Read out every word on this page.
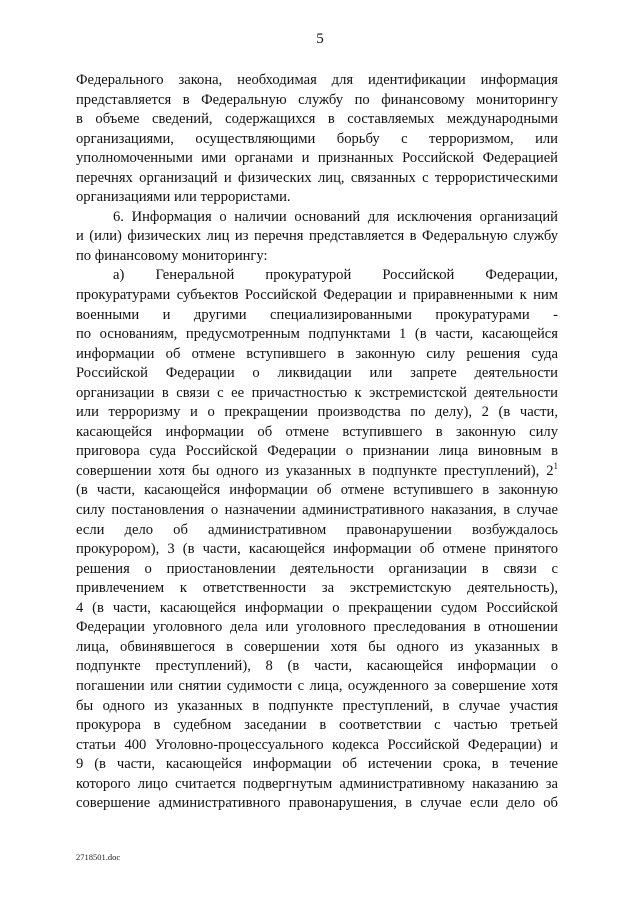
5

Федерального закона, необходимая для идентификации информация

представляется в Федеральную службу по финансовому мониторингу

в объеме сведений, содержащихся в составляемых международными

организациями, осуществляющими борьбу с терроризмом, или

уполномоченными ими органами и признанных Российской Федерацией

перечнях организаций и физических лиц, связанных с террористическими

организациями или террористами.

6. Информация о наличии оснований для исключения организаций

и (или) физических лиц из перечня представляется в Федеральную службу

по финансовому мониторингу:

а) Генеральной прокуратурой Российской Федерации,

прокуратурами субъектов Российской Федерации и приравненными к ним

военными и другими специализированными прокуратурами -

по основаниям, предусмотренным подпунктами 1 (в части, касающейся

информации об отмене вступившего в законную силу решения суда

Российской Федерации о ликвидации или запрете деятельности

организации в связи с ее причастностью к экстремистской деятельности

или терроризму и о прекращении производства по делу), 2 (в части,

касающейся информации об отмене вступившего в законную силу

приговора суда Российской Федерации о признании лица виновным в

совершении хотя бы одного из указанных в подпункте преступлений), $2^1$

(в части, касающейся информации об отмене вступившего в законную

силу постановления о назначении административного наказания, в случае

если дело об административном правонарушении возбуждалось

прокурором), 3 (в части, касающейся информации об отмене принятого

решения о приостановлении деятельности организации в связи с

привлечением к ответственности за экстремистскую деятельность),

4 (в части, касающейся информации о прекращении судом Российской

Федерации уголовного дела или уголовного преследования в отношении

лица, обвинявшегося в совершении хотя бы одного из указанных в

подпункте преступлений), 8 (в части, касающейся информации о

погашении или снятии судимости с лица, осужденного за совершение хотя

бы одного из указанных в подпункте преступлений, в случае участия

прокурора в судебном заседании в соответствии с частью третьей

статьи 400 Уголовно-процессуального кодекса Российской Федерации) и

9 (в части, касающейся информации об истечении срока, в течение

которого лицо считается подвергнутым административному наказанию за

совершение административного правонарушения, в случае если дело об

2718501.doc
